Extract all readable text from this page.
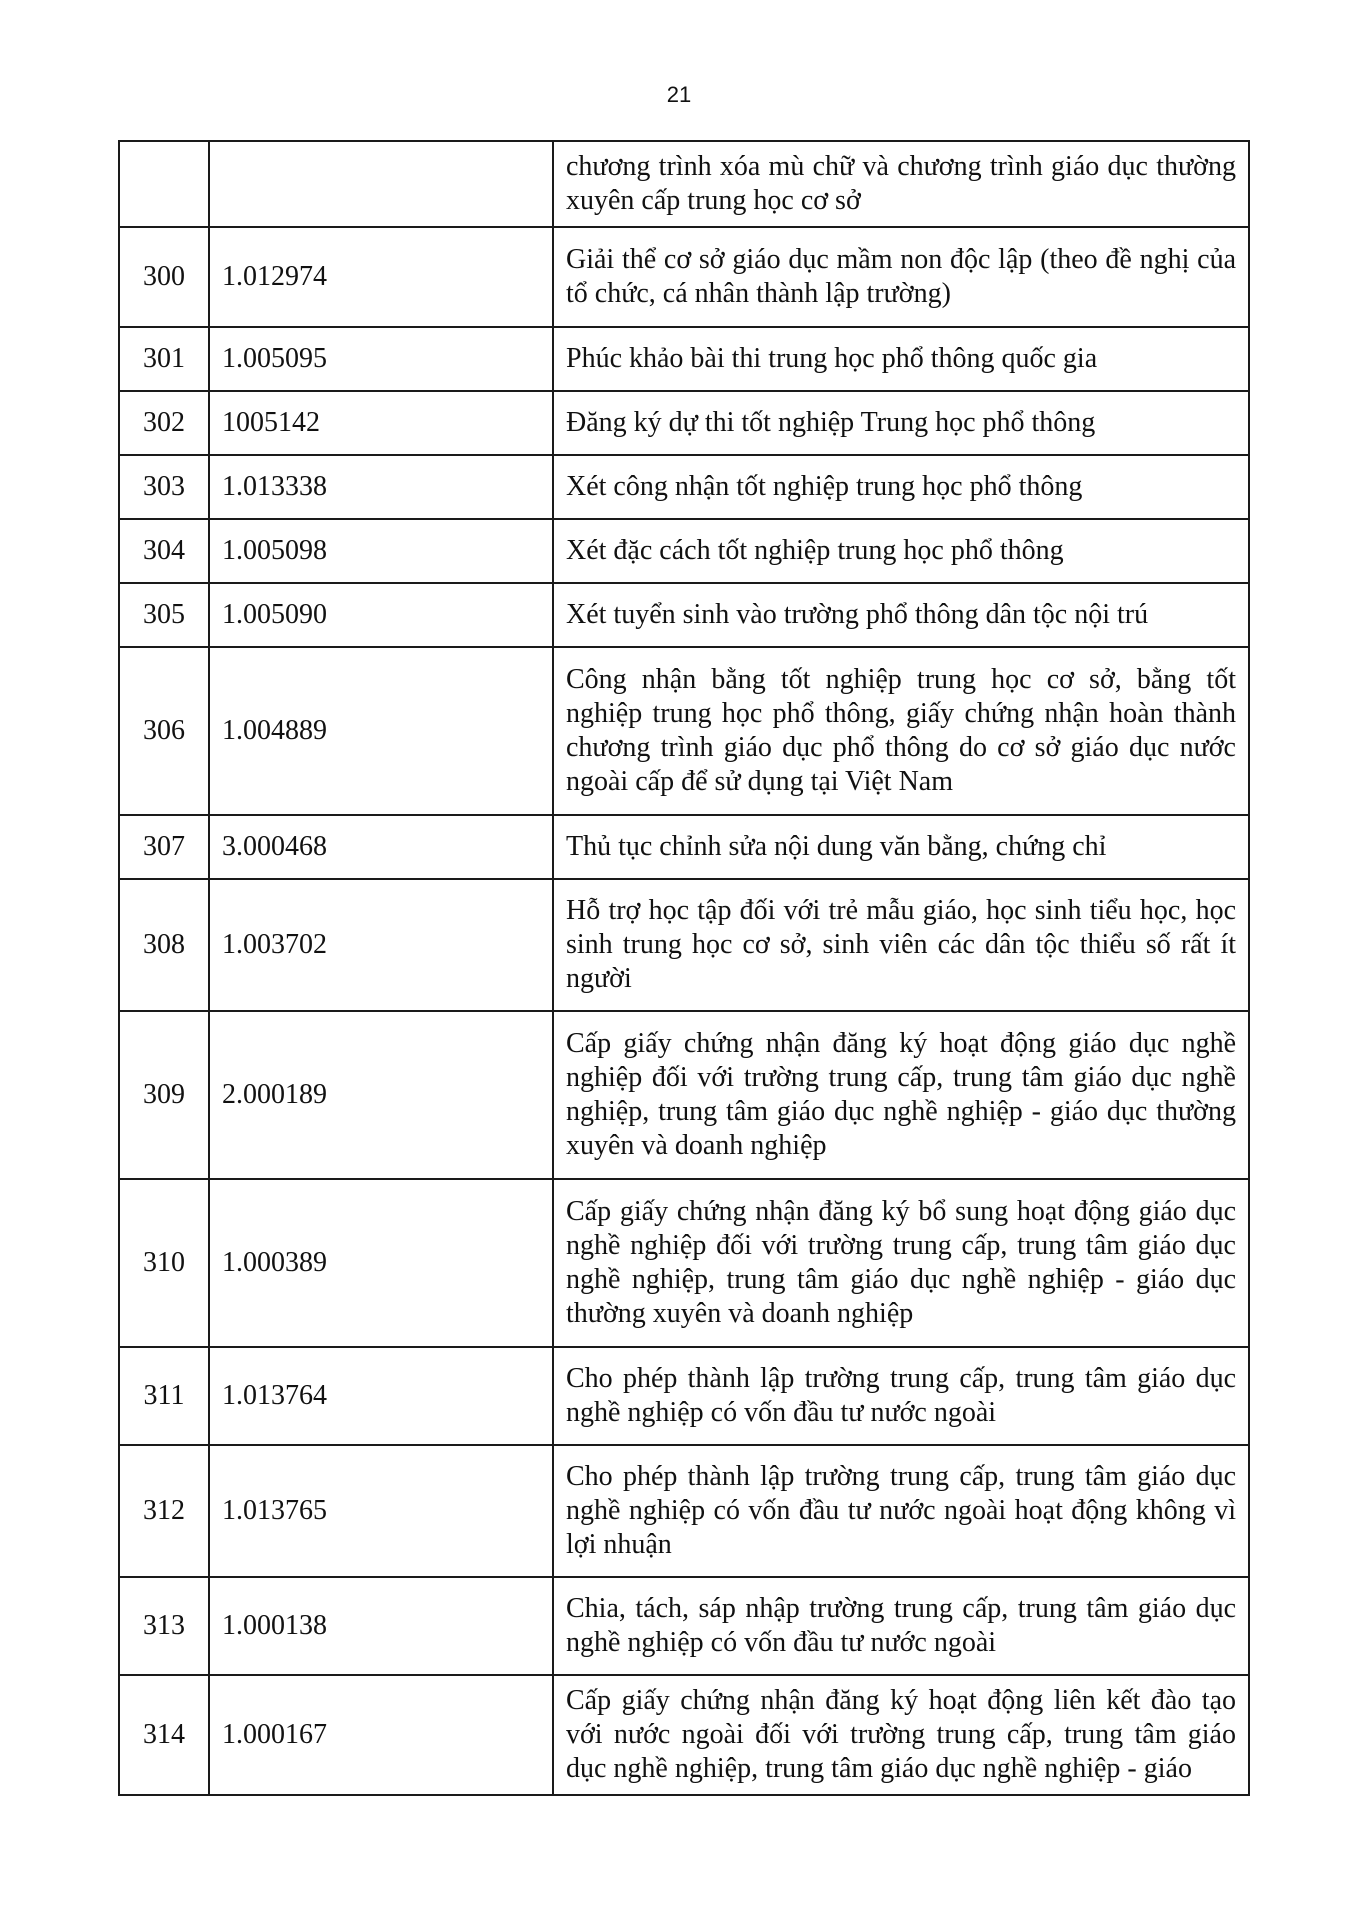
21
		chương trình xóa mù chữ và chương trình giáo dục thường xuyên cấp trung học cơ sở
300	1.012974	Giải thể cơ sở giáo dục mầm non độc lập (theo đề nghị của tổ chức, cá nhân thành lập trường)
301	1.005095	Phúc khảo bài thi trung học phổ thông quốc gia
302	1005142	Đăng ký dự thi tốt nghiệp Trung học phổ thông
303	1.013338	Xét công nhận tốt nghiệp trung học phổ thông
304	1.005098	Xét đặc cách tốt nghiệp trung học phổ thông
305	1.005090	Xét tuyển sinh vào trường phổ thông dân tộc nội trú
306	1.004889	Công nhận bằng tốt nghiệp trung học cơ sở, bằng tốt nghiệp trung học phổ thông, giấy chứng nhận hoàn thành chương trình giáo dục phổ thông do cơ sở giáo dục nước ngoài cấp để sử dụng tại Việt Nam
307	3.000468	Thủ tục chỉnh sửa nội dung văn bằng, chứng chỉ
308	1.003702	Hỗ trợ học tập đối với trẻ mẫu giáo, học sinh tiểu học, học sinh trung học cơ sở, sinh viên các dân tộc thiểu số rất ít người
309	2.000189	Cấp giấy chứng nhận đăng ký hoạt động giáo dục nghề nghiệp đối với trường trung cấp, trung tâm giáo dục nghề nghiệp, trung tâm giáo dục nghề nghiệp - giáo dục thường xuyên và doanh nghiệp
310	1.000389	Cấp giấy chứng nhận đăng ký bổ sung hoạt động giáo dục nghề nghiệp đối với trường trung cấp, trung tâm giáo dục nghề nghiệp, trung tâm giáo dục nghề nghiệp - giáo dục thường xuyên và doanh nghiệp
311	1.013764	Cho phép thành lập trường trung cấp, trung tâm giáo dục nghề nghiệp có vốn đầu tư nước ngoài
312	1.013765	Cho phép thành lập trường trung cấp, trung tâm giáo dục nghề nghiệp có vốn đầu tư nước ngoài hoạt động không vì lợi nhuận
313	1.000138	Chia, tách, sáp nhập trường trung cấp, trung tâm giáo dục nghề nghiệp có vốn đầu tư nước ngoài
314	1.000167	Cấp giấy chứng nhận đăng ký hoạt động liên kết đào tạo với nước ngoài đối với trường trung cấp, trung tâm giáo dục nghề nghiệp, trung tâm giáo dục nghề nghiệp - giáo
